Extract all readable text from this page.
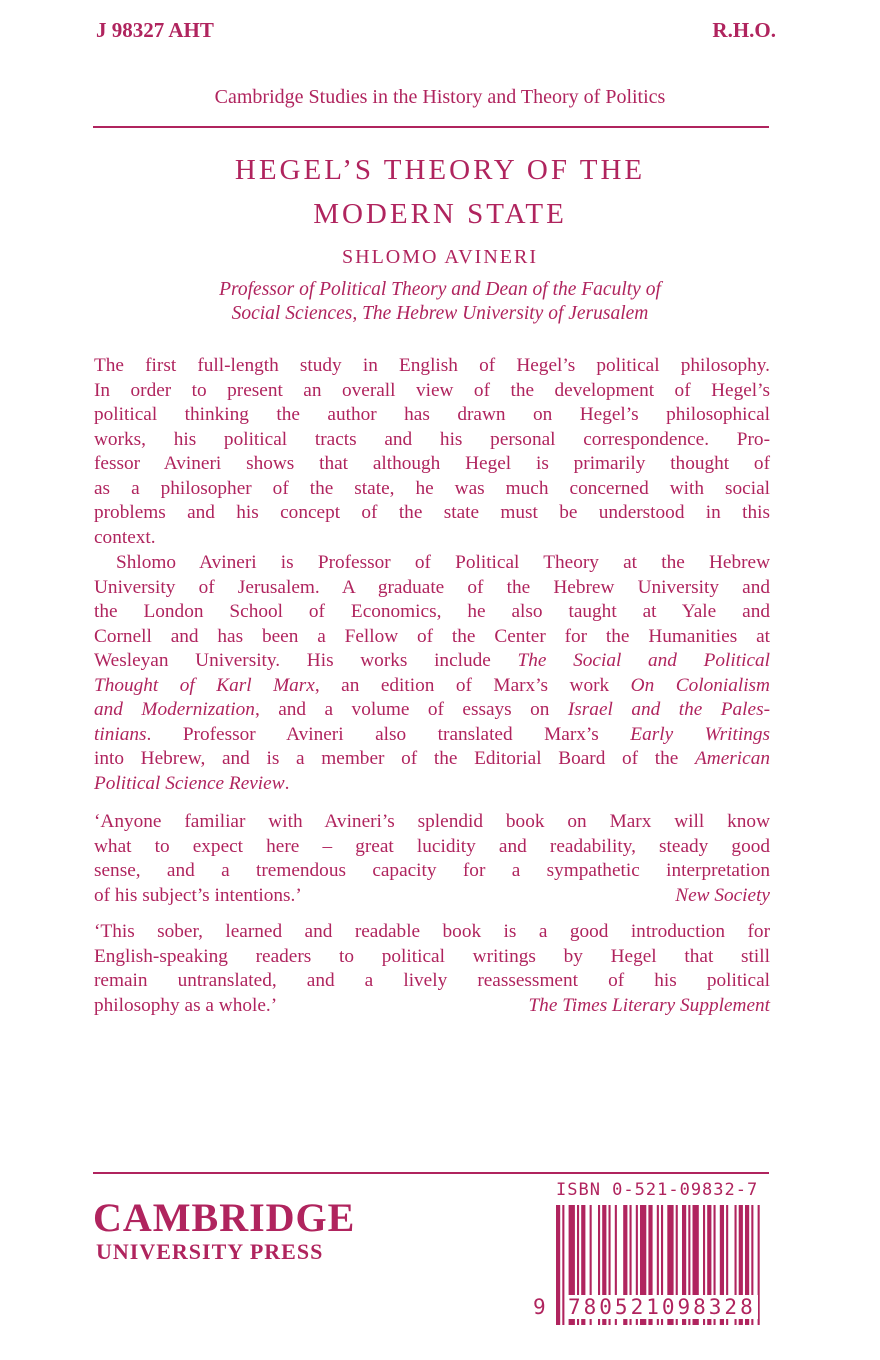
J 98327 AHT	R.H.O.
Cambridge Studies in the History and Theory of Politics
HEGEL’S THEORY OF THE
MODERN STATE
SHLOMO AVINERI
Professor of Political Theory and Dean of the Faculty of
Social Sciences, The Hebrew University of Jerusalem
The first full-length study in English of Hegel’s political philosophy.
In order to present an overall view of the development of Hegel’s
political thinking the author has drawn on Hegel’s philosophical
works, his political tracts and his personal correspondence. Pro-
fessor Avineri shows that although Hegel is primarily thought of
as a philosopher of the state, he was much concerned with social
problems and his concept of the state must be understood in this
context.
Shlomo Avineri is Professor of Political Theory at the Hebrew
University of Jerusalem. A graduate of the Hebrew University and
the London School of Economics, he also taught at Yale and
Cornell and has been a Fellow of the Center for the Humanities at
Wesleyan University. His works include The Social and Political
Thought of Karl Marx, an edition of Marx’s work On Colonialism
and Modernization, and a volume of essays on Israel and the Pales-
tinians. Professor Avineri also translated Marx’s Early Writings
into Hebrew, and is a member of the Editorial Board of the American
Political Science Review.
‘Anyone familiar with Avineri’s splendid book on Marx will know
what to expect here – great lucidity and readability, steady good
sense, and a tremendous capacity for a sympathetic interpretation
of his subject’s intentions.’	New Society
‘This sober, learned and readable book is a good introduction for
English-speaking readers to political writings by Hegel that still
remain untranslated, and a lively reassessment of his political
philosophy as a whole.’	The Times Literary Supplement
CAMBRIDGE
UNIVERSITY PRESS
ISBN 0-521-09832-7
9 780521098328
